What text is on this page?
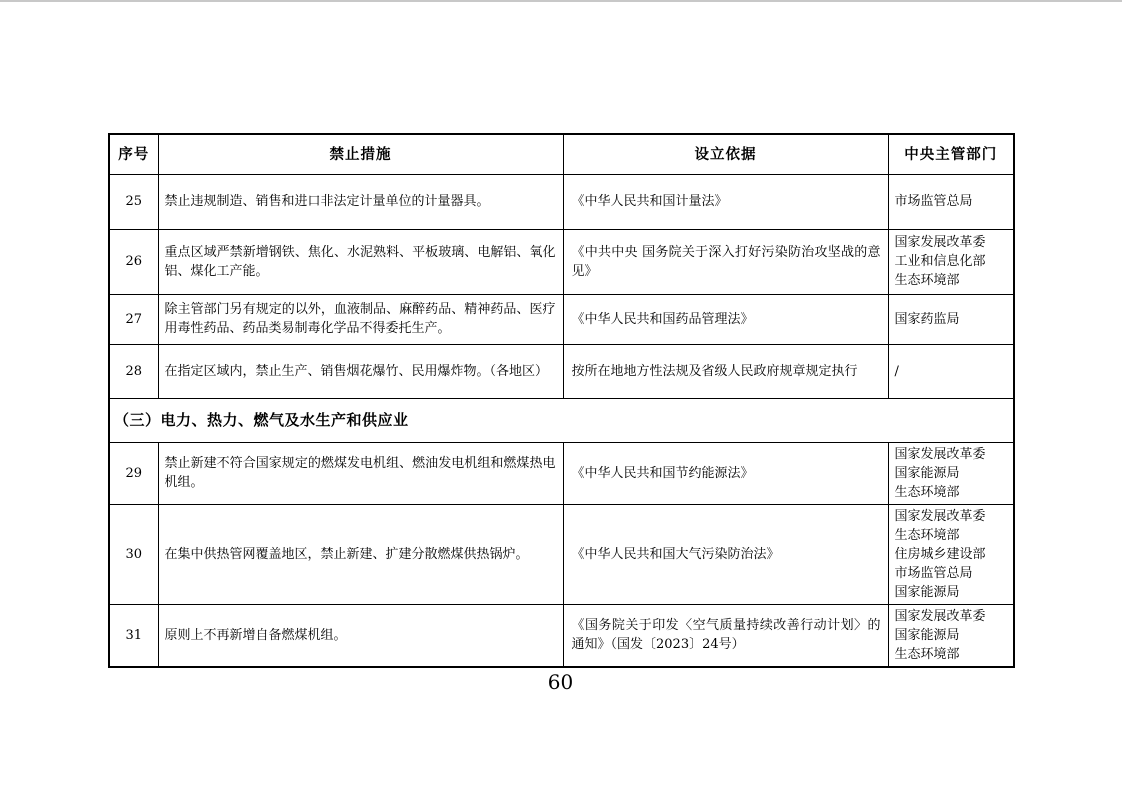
序号	禁止措施	设立依据	中央主管部门
25	禁止违规制造、销售和进口非法定计量单位的计量器具。	《中华人民共和国计量法》	市场监管总局

26	重点区域严禁新增钢铁、焦化、水泥熟料、平板玻璃、电解铝、氧化铝、煤化工产能。	《中共中央 国务院关于深入打好污染防治攻坚战的意见》	国家发展改革委
工业和信息化部
生态环境部

27	除主管部门另有规定的以外，血液制品、麻醉药品、精神药品、医疗用毒性药品、药品类易制毒化学品不得委托生产。	《中华人民共和国药品管理法》	国家药监局

28	在指定区域内，禁止生产、销售烟花爆竹、民用爆炸物。（各地区）	按所在地地方性法规及省级人民政府规章规定执行	/

（三）电力、热力、燃气及水生产和供应业			
29	禁止新建不符合国家规定的燃煤发电机组、燃油发电机组和燃煤热电机组。	《中华人民共和国节约能源法》	国家发展改革委
国家能源局
生态环境部

30	在集中供热管网覆盖地区，禁止新建、扩建分散燃煤供热锅炉。	《中华人民共和国大气污染防治法》	国家发展改革委
生态环境部
住房城乡建设部
市场监管总局
国家能源局

31	原则上不再新增自备燃煤机组。	《国务院关于印发〈空气质量持续改善行动计划〉的通知》（国发〔2023〕24号）	国家发展改革委
国家能源局
生态环境部
60
